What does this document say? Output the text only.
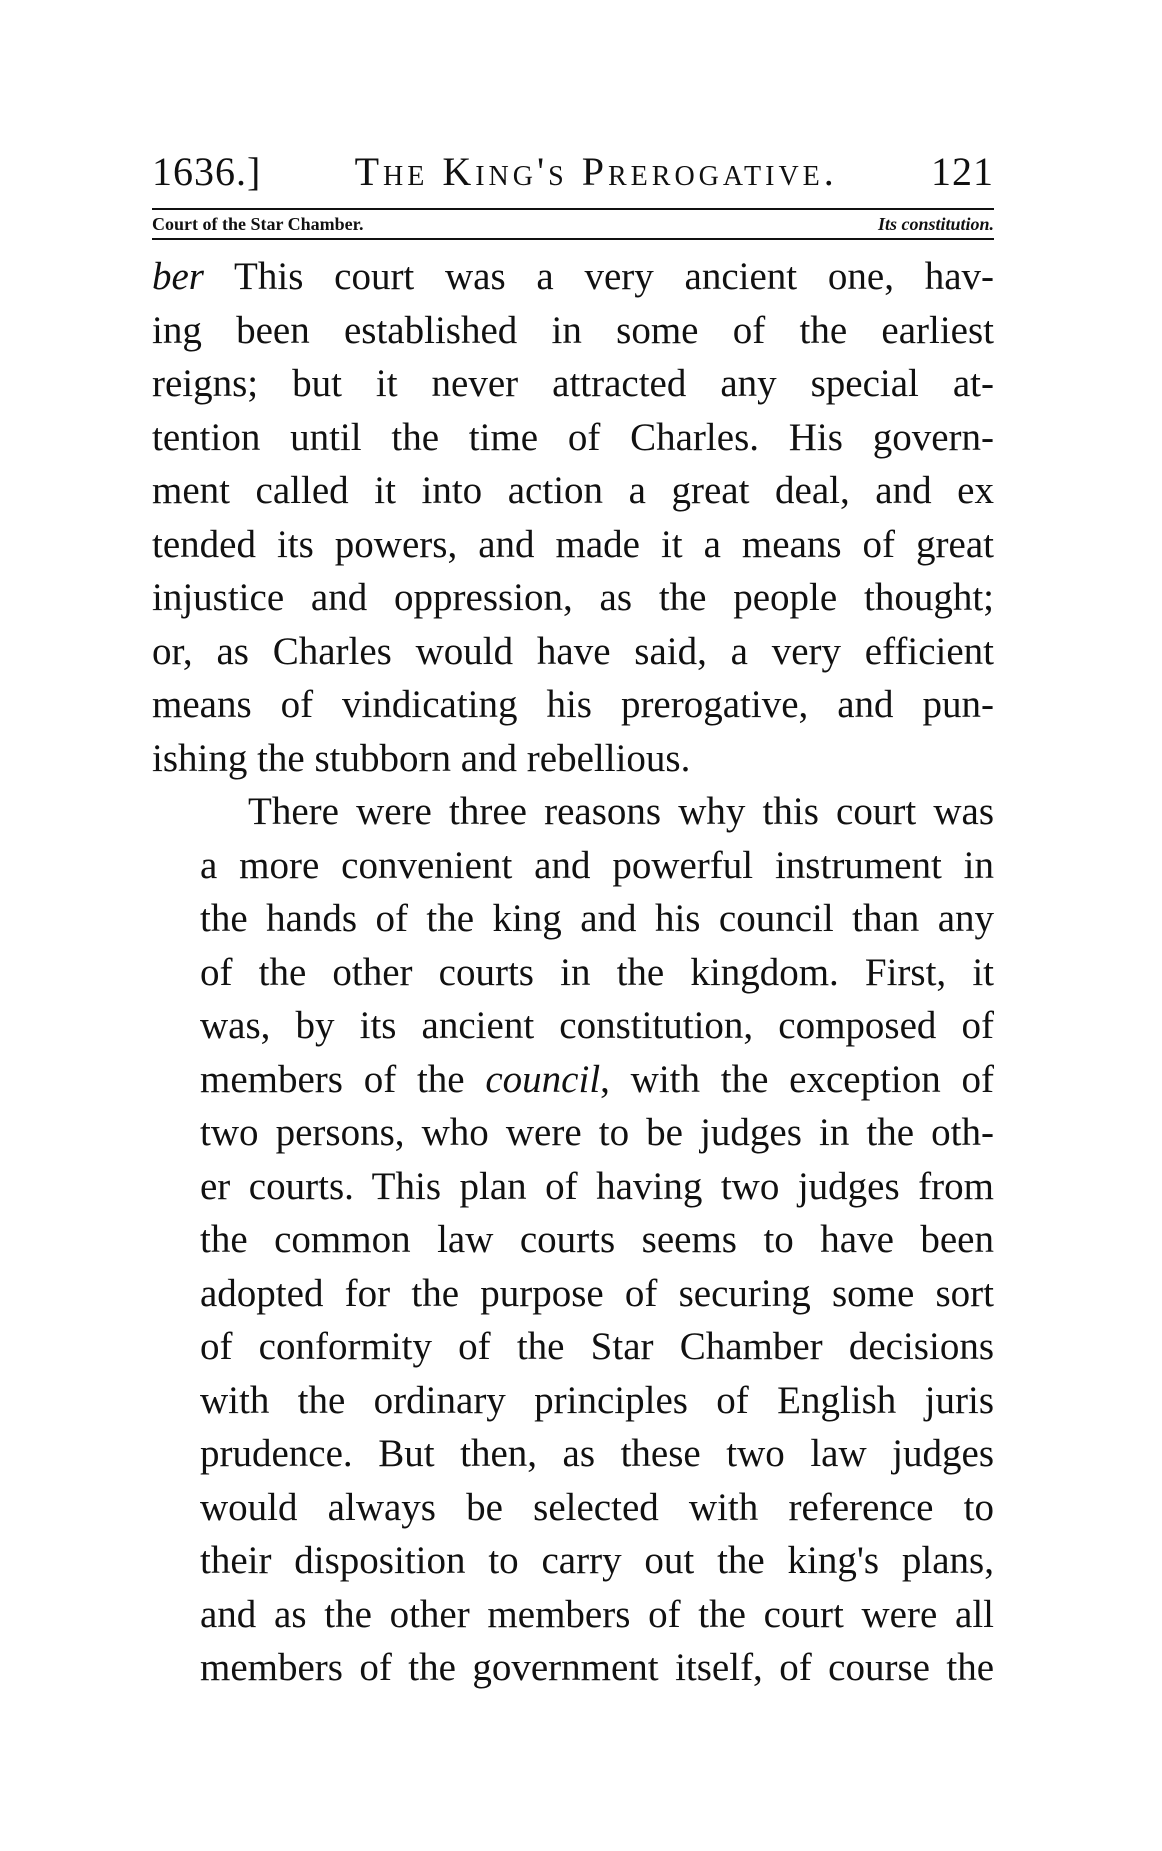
1636.] The King's Prerogative. 121
Court of the Star Chamber.	Its constitution.

ber This court was a very ancient one, hav-
ing been established in some of the earliest
reigns; but it never attracted any special at-
tention until the time of Charles. His govern-
ment called it into action a great deal, and ex
tended its powers, and made it a means of great
injustice and oppression, as the people thought;
or, as Charles would have said, a very efficient
means of vindicating his prerogative, and pun-
ishing the stubborn and rebellious.

There were three reasons why this court was
a more convenient and powerful instrument in
the hands of the king and his council than any
of the other courts in the kingdom. First, it
was, by its ancient constitution, composed of
members of the council, with the exception of
two persons, who were to be judges in the oth-
er courts. This plan of having two judges from
the common law courts seems to have been
adopted for the purpose of securing some sort
of conformity of the Star Chamber decisions
with the ordinary principles of English juris
prudence. But then, as these two law judges
would always be selected with reference to
their disposition to carry out the king's plans,
and as the other members of the court were all
members of the government itself, of course the
